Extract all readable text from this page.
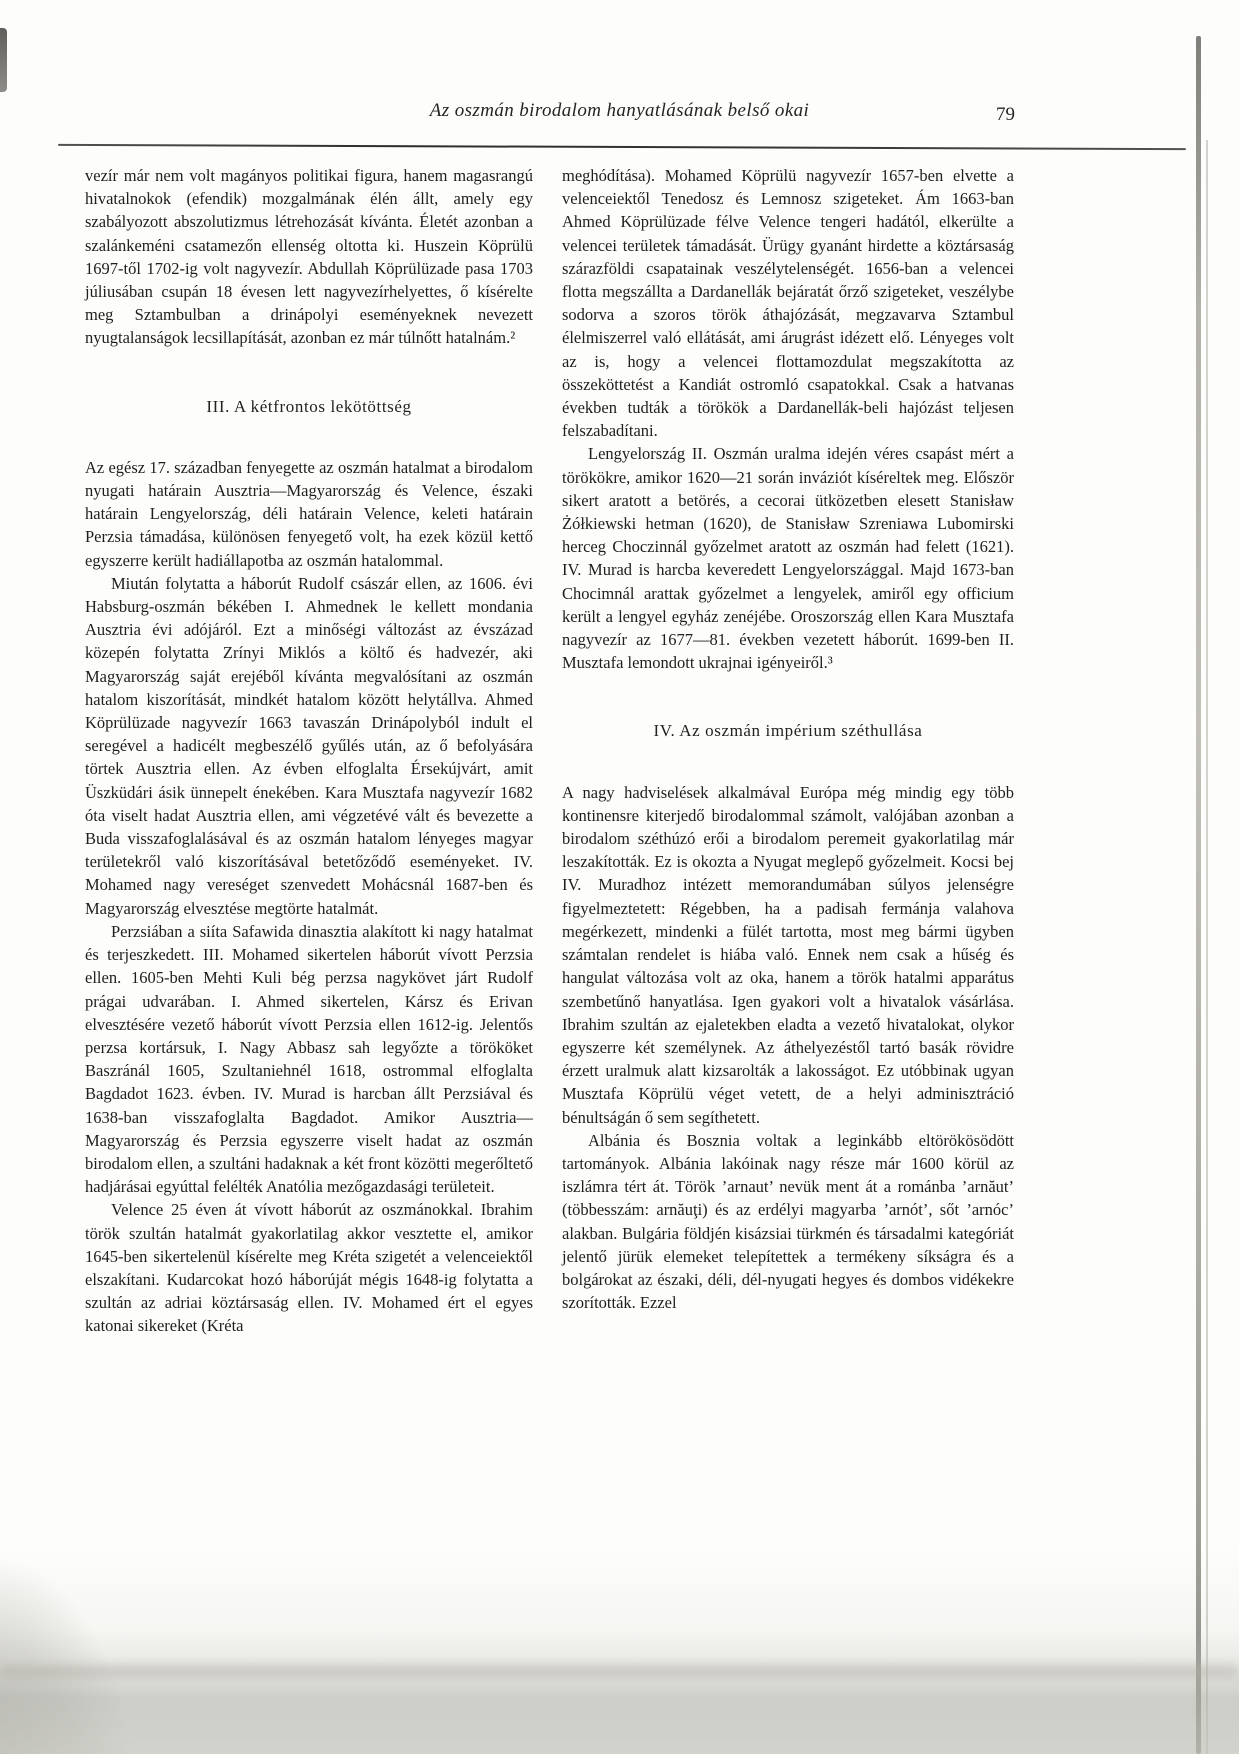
Az oszmán birodalom hanyatlásának belső okai	79

vezír már nem volt magányos politikai figura, hanem magasrangú hivatalnokok (efendik) mozgalmának élén állt, amely egy szabályozott abszolutizmus létrehozását kívánta. Életét azonban a szalánkeméni csatamezőn ellenség oltotta ki. Huszein Köprülü 1697-től 1702-ig volt nagyvezír. Abdullah Köprülüzade pasa 1703 júliusában csupán 18 évesen lett nagyvezírhelyettes, ő kísérelte meg Sztambulban a drinápolyi eseményeknek nevezett nyugtalanságok lecsillapítását, azonban ez már túlnőtt hatalnám.²

III. A kétfrontos lekötöttség

Az egész 17. században fenyegette az oszmán hatalmat a birodalom nyugati határain Ausztria—Magyarország és Velence, északi határain Lengyelország, déli határain Velence, keleti határain Perzsia támadása, különösen fenyegető volt, ha ezek közül kettő egyszerre került hadiállapotba az oszmán hatalommal.

Miután folytatta a háborút Rudolf császár ellen, az 1606. évi Habsburg-oszmán békében I. Ahmednek le kellett mondania Ausztria évi adójáról. Ezt a minőségi változást az évszázad közepén folytatta Zrínyi Miklós a költő és hadvezér, aki Magyarország saját erejéből kívánta megvalósítani az oszmán hatalom kiszorítását, mindkét hatalom között helytállva. Ahmed Köprülüzade nagyvezír 1663 tavaszán Drinápolyból indult el seregével a hadicélt megbeszélő gyűlés után, az ő befolyására törtek Ausztria ellen. Az évben elfoglalta Érsekújvárt, amit Üszküdári ásik ünnepelt énekében. Kara Musztafa nagyvezír 1682 óta viselt hadat Ausztria ellen, ami végzetévé vált és bevezette a Buda visszafoglalásával és az oszmán hatalom lényeges magyar területekről való kiszorításával betetőződő eseményeket. IV. Mohamed nagy vereséget szenvedett Mohácsnál 1687-ben és Magyarország elvesztése megtörte hatalmát.

Perzsiában a siíta Safawida dinasztia alakított ki nagy hatalmat és terjeszkedett. III. Mohamed sikertelen háborút vívott Perzsia ellen. 1605-ben Mehti Kuli bég perzsa nagykövet járt Rudolf prágai udvarában. I. Ahmed sikertelen, Kársz és Erivan elvesztésére vezető háborút vívott Perzsia ellen 1612-ig. Jelentős perzsa kortársuk, I. Nagy Abbasz sah legyőzte a törököket Baszránál 1605, Szultaniehnél 1618, ostrommal elfoglalta Bagdadot 1623. évben. IV. Murad is harcban állt Perzsiával és 1638-ban visszafoglalta Bagdadot. Amikor Ausztria—Magyarország és Perzsia egyszerre viselt hadat az oszmán birodalom ellen, a szultáni hadaknak a két front közötti megerőltető hadjárásai egyúttal felélték Anatólia mezőgazdasági területeit.

Velence 25 éven át vívott háborút az oszmánokkal. Ibrahim török szultán hatalmát gyakorlatilag akkor vesztette el, amikor 1645-ben sikertelenül kísérelte meg Kréta szigetét a velenceiektől elszakítani. Kudarcokat hozó háborúját mégis 1648-ig folytatta a szultán az adriai köztársaság ellen. IV. Mohamed ért el egyes katonai sikereket (Kréta

meghódítása). Mohamed Köprülü nagyvezír 1657-ben elvette a velenceiektől Tenedosz és Lemnosz szigeteket. Ám 1663-ban Ahmed Köprülüzade félve Velence tengeri hadától, elkerülte a velencei területek támadását. Ürügy gyanánt hirdette a köztársaság szárazföldi csapatainak veszélytelenségét. 1656-ban a velencei flotta megszállta a Dardanellák bejáratát őrző szigeteket, veszélybe sodorva a szoros török áthajózását, megzavarva Sztambul élelmiszerrel való ellátását, ami árugrást idézett elő. Lényeges volt az is, hogy a velencei flottamozdulat megszakította az összeköttetést a Kandiát ostromló csapatokkal. Csak a hatvanas években tudták a törökök a Dardanellák-beli hajózást teljesen felszabadítani.

Lengyelország II. Oszmán uralma idején véres csapást mért a törökökre, amikor 1620—21 során inváziót kíséreltek meg. Először sikert aratott a betörés, a cecorai ütközetben elesett Stanisław Żółkiewski hetman (1620), de Stanisław Szreniawa Lubomirski herceg Choczinnál győzelmet aratott az oszmán had felett (1621). IV. Murad is harcba keveredett Lengyelországgal. Majd 1673-ban Chocimnál arattak győzelmet a lengyelek, amiről egy officium került a lengyel egyház zenéjébe. Oroszország ellen Kara Musztafa nagyvezír az 1677—81. években vezetett háborút. 1699-ben II. Musztafa lemondott ukrajnai igényeiről.³

IV. Az oszmán impérium széthullása

A nagy hadviselések alkalmával Európa még mindig egy több kontinensre kiterjedő birodalommal számolt, valójában azonban a birodalom széthúzó erői a birodalom peremeit gyakorlatilag már leszakították. Ez is okozta a Nyugat meglepő győzelmeit. Kocsi bej IV. Muradhoz intézett memorandumában súlyos jelenségre figyelmeztetett: Régebben, ha a padisah fermánja valahova megérkezett, mindenki a fülét tartotta, most meg bármi ügyben számtalan rendelet is hiába való. Ennek nem csak a hűség és hangulat változása volt az oka, hanem a török hatalmi apparátus szembetűnő hanyatlása. Igen gyakori volt a hivatalok vásárlása. Ibrahim szultán az ejaletekben eladta a vezető hivatalokat, olykor egyszerre két személynek. Az áthelyezéstől tartó basák rövidre érzett uralmuk alatt kizsarolták a lakosságot. Ez utóbbinak ugyan Musztafa Köprülü véget vetett, de a helyi adminisztráció bénultságán ő sem segíthetett.

Albánia és Bosznia voltak a leginkább eltörökösödött tartományok. Albánia lakóinak nagy része már 1600 körül az iszlámra tért át. Török ’arnaut’ nevük ment át a románba ’arnăut’ (többesszám: arnăuţi) és az erdélyi magyarba ’arnót’, sőt ’arnóc’ alakban. Bulgária földjén kisázsiai türkmén és társadalmi kategóriát jelentő jürük elemeket telepítettek a termékeny síkságra és a bolgárokat az északi, déli, dél-nyugati hegyes és dombos vidékekre szorították. Ezzel
